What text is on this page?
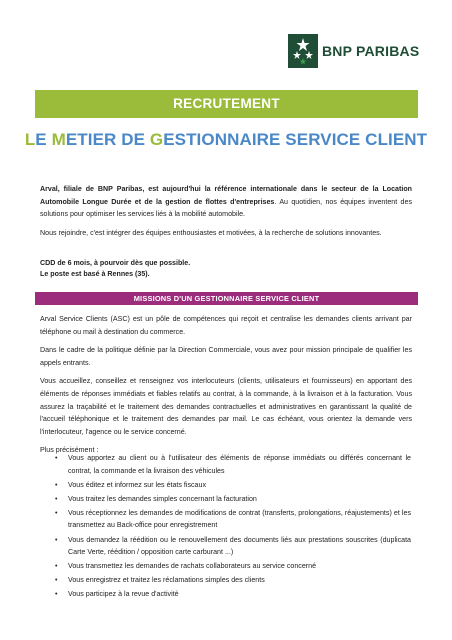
BNP PARIBAS
RECRUTEMENT
LE METIER DE GESTIONNAIRE SERVICE CLIENT

Arval, filiale de BNP Paribas, est aujourd'hui la référence internationale dans le secteur de la Location Automobile Longue Durée et de la gestion de flottes d'entreprises. Au quotidien, nos équipes inventent des solutions pour optimiser les services liés à la mobilité automobile.

Nous rejoindre, c'est intégrer des équipes enthousiastes et motivées, à la recherche de solutions innovantes.

CDD de 6 mois, à pourvoir dès que possible.
Le poste est basé à Rennes (35).
MISSIONS D'UN GESTIONNAIRE SERVICE CLIENT

Arval Service Clients (ASC) est un pôle de compétences qui reçoit et centralise les demandes clients arrivant par téléphone ou mail à destination du commerce.

Dans le cadre de la politique définie par la Direction Commerciale, vous avez pour mission principale de qualifier les appels entrants.

Vous accueillez, conseillez et renseignez vos interlocuteurs (clients, utilisateurs et fournisseurs) en apportant des éléments de réponses immédiats et fiables relatifs au contrat, à la commande, à la livraison et à la facturation. Vous assurez la traçabilité et le traitement des demandes contractuelles et administratives en garantissant la qualité de l'accueil téléphonique et le traitement des demandes par mail. Le cas échéant, vous orientez la demande vers l'interlocuteur, l'agence ou le service concerné.

Plus précisément :

• Vous apportez au client ou à l'utilisateur des éléments de réponse immédiats ou différés concernant le contrat, la commande et la livraison des véhicules
• Vous éditez et informez sur les états fiscaux
• Vous traitez les demandes simples concernant la facturation
• Vous réceptionnez les demandes de modifications de contrat (transferts, prolongations, réajustements) et les transmettez au Back-office pour enregistrement
• Vous demandez la réédition ou le renouvellement des documents liés aux prestations souscrites (duplicata Carte Verte, réédition / opposition carte carburant ...)
• Vous transmettez les demandes de rachats collaborateurs au service concerné
• Vous enregistrez et traitez les réclamations simples des clients
• Vous participez à la revue d'activité
